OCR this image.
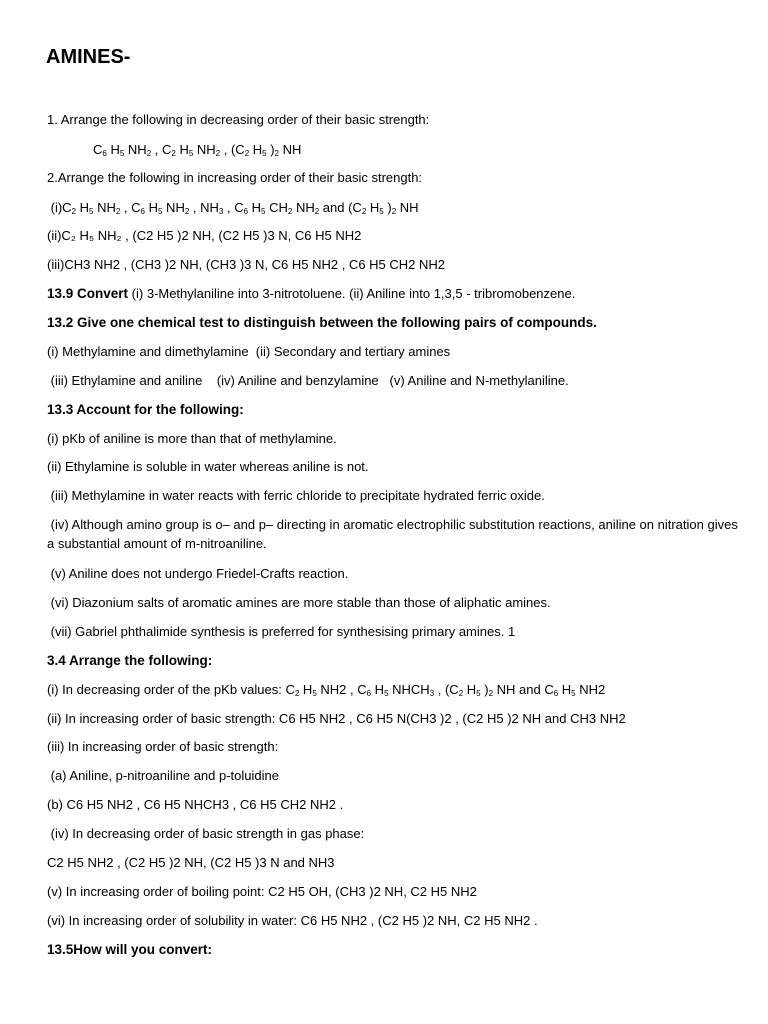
AMINES-
1. Arrange the following in decreasing order of their basic strength:
$C_6$ $H_5$ $NH_2$ , $C_2$ $H_5$ $NH_2$ , ($C_2$ $H_5$ )$_2$ NH
2.Arrange the following in increasing order of their basic strength:
$(i)C_2$ $H_5$ $NH_2$ , $C_6$ $H_5$ $NH_2$ , $NH_3$ , $C_6$ $H_5$ $CH_2$ $NH_2$ and ($C_2$ $H_5$ )$_2$ NH
(ii)C₂ H₅ NH₂ , (C2 H5 )2 NH, (C2 H5 )3 N, C6 H5 NH2
(iii)CH3 NH2 , (CH3 )2 NH, (CH3 )3 N, C6 H5 NH2 , C6 H5 CH2 NH2
13.9 Convert (i) 3-Methylaniline into 3-nitrotoluene. (ii) Aniline into 1,3,5 - tribromobenzene.
13.2 Give one chemical test to distinguish between the following pairs of compounds.
(i) Methylamine and dimethylamine  (ii) Secondary and tertiary amines
(iii) Ethylamine and aniline    (iv) Aniline and benzylamine   (v) Aniline and N-methylaniline.
13.3 Account for the following:
(i) pKb of aniline is more than that of methylamine.
(ii) Ethylamine is soluble in water whereas aniline is not.
(iii) Methylamine in water reacts with ferric chloride to precipitate hydrated ferric oxide.
(iv) Although amino group is o– and p– directing in aromatic electrophilic substitution reactions, aniline on nitration gives a substantial amount of m-nitroaniline.
(v) Aniline does not undergo Friedel-Crafts reaction.
(vi) Diazonium salts of aromatic amines are more stable than those of aliphatic amines.
(vii) Gabriel phthalimide synthesis is preferred for synthesising primary amines. 1
3.4 Arrange the following:
(i) In decreasing order of the pKb values: $C_2$ $H_5$ NH2 , $C_6$ $H_5$ $NHCH_3$ , ($C_2$ $H_5$ )$_2$ NH and $C_6$ $H_5$ NH2
(ii) In increasing order of basic strength: C6 H5 NH2 , C6 H5 N(CH3 )2 , (C2 H5 )2 NH and CH3 NH2
(iii) In increasing order of basic strength:
(a) Aniline, p-nitroaniline and p-toluidine
(b) C6 H5 NH2 , C6 H5 NHCH3 , C6 H5 CH2 NH2 .
(iv) In decreasing order of basic strength in gas phase:
C2 H5 NH2 , (C2 H5 )2 NH, (C2 H5 )3 N and NH3
(v) In increasing order of boiling point: C2 H5 OH, (CH3 )2 NH, C2 H5 NH2
(vi) In increasing order of solubility in water: C6 H5 NH2 , (C2 H5 )2 NH, C2 H5 NH2 .
13.5How will you convert:
